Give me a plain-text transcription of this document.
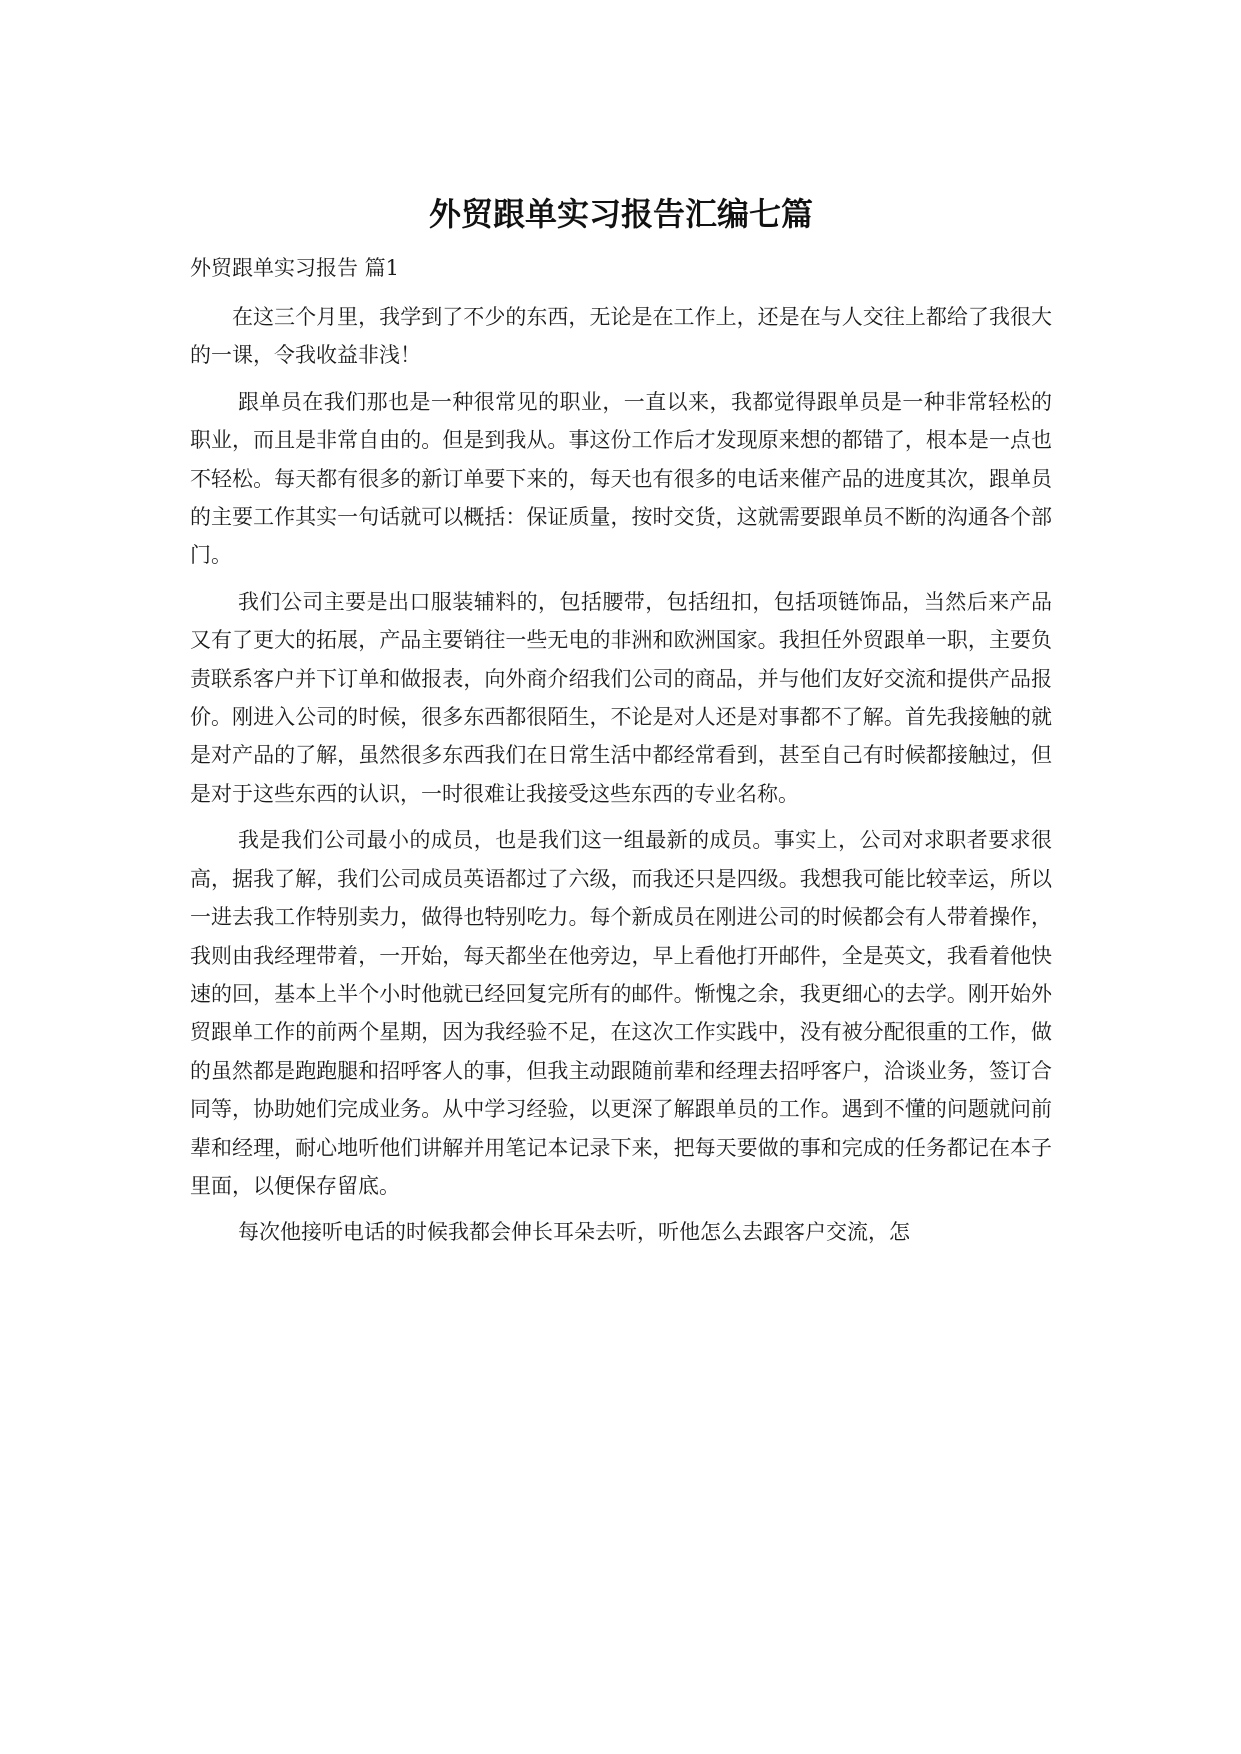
外贸跟单实习报告汇编七篇
外贸跟单实习报告 篇1

在这三个月里，我学到了不少的东西，无论是在工作上，还是在与人交往上都给了我很大的一课，令我收益非浅！

跟单员在我们那也是一种很常见的职业，一直以来，我都觉得跟单员是一种非常轻松的职业，而且是非常自由的。但是到我从。事这份工作后才发现原来想的都错了，根本是一点也不轻松。每天都有很多的新订单要下来的，每天也有很多的电话来催产品的进度其次，跟单员的主要工作其实一句话就可以概括：保证质量，按时交货，这就需要跟单员不断的沟通各个部门。

我们公司主要是出口服装辅料的，包括腰带，包括纽扣，包括项链饰品，当然后来产品又有了更大的拓展，产品主要销往一些无电的非洲和欧洲国家。我担任外贸跟单一职，主要负责联系客户并下订单和做报表，向外商介绍我们公司的商品，并与他们友好交流和提供产品报价。刚进入公司的时候，很多东西都很陌生，不论是对人还是对事都不了解。首先我接触的就是对产品的了解，虽然很多东西我们在日常生活中都经常看到，甚至自己有时候都接触过，但是对于这些东西的认识，一时很难让我接受这些东西的专业名称。

我是我们公司最小的成员，也是我们这一组最新的成员。事实上，公司对求职者要求很高，据我了解，我们公司成员英语都过了六级，而我还只是四级。我想我可能比较幸运，所以一进去我工作特别卖力，做得也特别吃力。每个新成员在刚进公司的时候都会有人带着操作，我则由我经理带着，一开始，每天都坐在他旁边，早上看他打开邮件，全是英文，我看着他快速的回，基本上半个小时他就已经回复完所有的邮件。惭愧之余，我更细心的去学。刚开始外贸跟单工作的前两个星期，因为我经验不足，在这次工作实践中，没有被分配很重的工作，做的虽然都是跑跑腿和招呼客人的事，但我主动跟随前辈和经理去招呼客户，洽谈业务，签订合同等，协助她们完成业务。从中学习经验，以更深了解跟单员的工作。遇到不懂的问题就问前辈和经理，耐心地听他们讲解并用笔记本记录下来，把每天要做的事和完成的任务都记在本子里面，以便保存留底。

每次他接听电话的时候我都会伸长耳朵去听，听他怎么去跟客户交流，怎
